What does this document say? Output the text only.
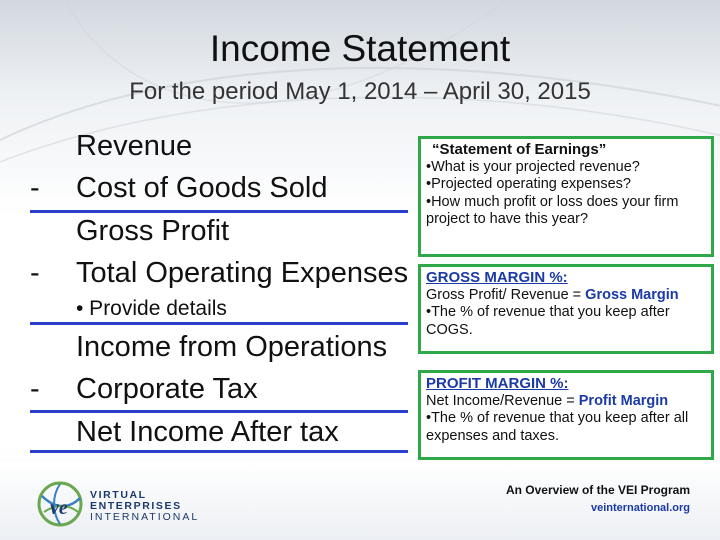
Income Statement
For the period May 1, 2014 – April 30, 2015
Revenue
- Cost of Goods Sold
Gross Profit
- Total Operating Expenses
• Provide details
Income from Operations
- Corporate Tax
Net Income After tax
“Statement of Earnings”
•What is your projected revenue?
•Projected operating expenses?
•How much profit or loss does your firm project to have this year?
GROSS MARGIN %:
Gross Profit/ Revenue = Gross Margin
•The % of revenue that you keep after COGS.
PROFIT MARGIN %:
Net Income/Revenue = Profit Margin
•The % of revenue that you keep after all expenses and taxes.
ve
VIRTUAL
ENTERPRISES
INTERNATIONAL
An Overview of the VEI Program
veinternational.org
